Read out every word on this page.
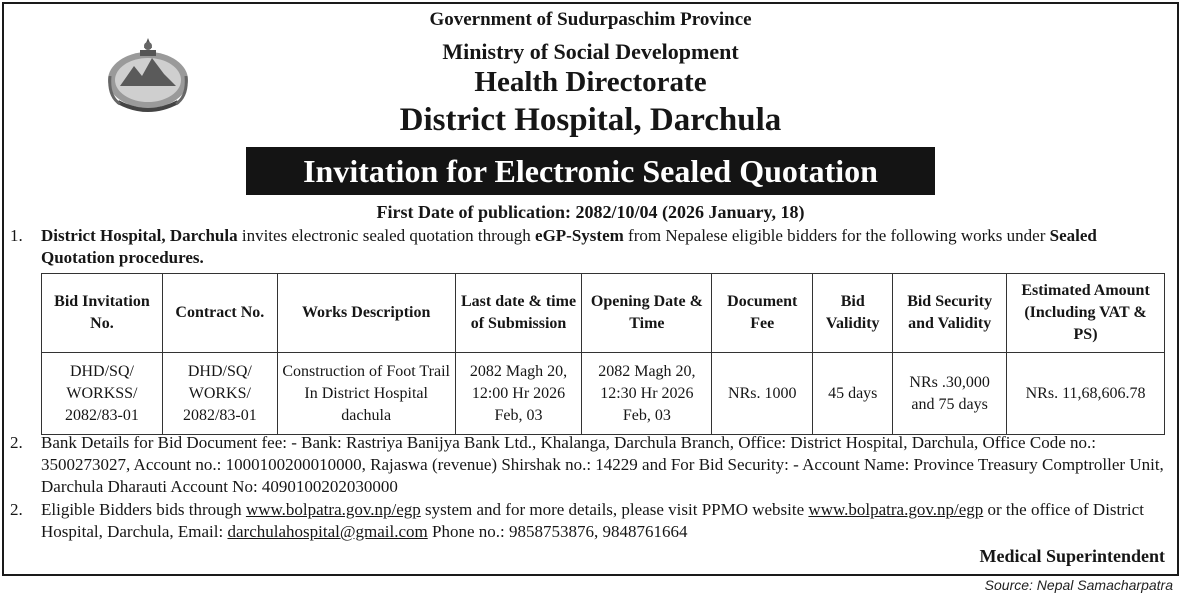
Government of Sudurpaschim Province
Ministry of Social Development
Health Directorate
District Hospital, Darchula
Invitation for Electronic Sealed Quotation
First Date of publication: 2082/10/04 (2026 January, 18)
1. District Hospital, Darchula invites electronic sealed quotation through eGP-System from Nepalese eligible bidders for the following works under Sealed Quotation procedures.
Bid Invitation No.	Contract No.	Works Description	Last date & time of Submission	Opening Date & Time	Document Fee	Bid Validity	Bid Security and Validity	Estimated Amount (Including VAT & PS)
DHD/SQ/ WORKSS/ 2082/83-01	DHD/SQ/ WORKS/ 2082/83-01	Construction of Foot Trail In District Hospital dachula	2082 Magh 20, 12:00 Hr 2026 Feb, 03	2082 Magh 20, 12:30 Hr 2026 Feb, 03	NRs. 1000	45 days	NRs .30,000 and 75 days	NRs. 11,68,606.78
2. Bank Details for Bid Document fee: - Bank: Rastriya Banijya Bank Ltd., Khalanga, Darchula Branch, Office: District Hospital, Darchula, Office Code no.: 3500273027, Account no.: 1000100200010000, Rajaswa (revenue) Shirshak no.: 14229 and For Bid Security: - Account Name: Province Treasury Comptroller Unit, Darchula Dharauti Account No: 4090100202030000
2. Eligible Bidders bids through www.bolpatra.gov.np/egp system and for more details, please visit PPMO website www.bolpatra.gov.np/egp or the office of District Hospital, Darchula, Email: darchulahospital@gmail.com Phone no.: 9858753876, 9848761664
Medical Superintendent
Source: Nepal Samacharpatra
